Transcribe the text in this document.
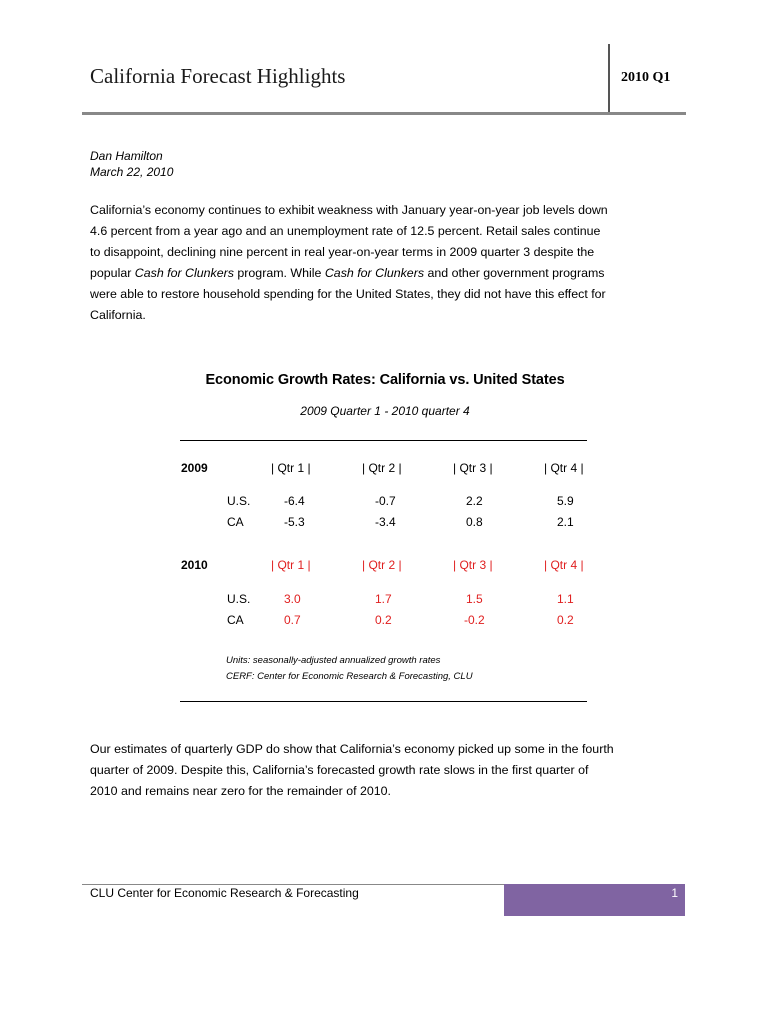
California Forecast Highlights	2010 Q1
Dan Hamilton
March 22, 2010
California’s economy continues to exhibit weakness with January year-on-year job levels down
4.6 percent from a year ago and an unemployment rate of 12.5 percent. Retail sales continue
to disappoint, declining nine percent in real year-on-year terms in 2009 quarter 3 despite the
popular Cash for Clunkers program. While Cash for Clunkers and other government programs
were able to restore household spending for the United States, they did not have this effect for
California.
Economic Growth Rates: California vs. United States
2009 Quarter 1 - 2010 quarter 4
2009	| Qtr 1 |	| Qtr 2 |	| Qtr 3 |	| Qtr 4 |
U.S.	-6.4	-0.7	2.2	5.9
CA	-5.3	-3.4	0.8	2.1
2010	| Qtr 1 |	| Qtr 2 |	| Qtr 3 |	| Qtr 4 |
U.S.	3.0	1.7	1.5	1.1
CA	0.7	0.2	-0.2	0.2
Units: seasonally-adjusted annualized growth rates
CERF: Center for Economic Research & Forecasting, CLU
Our estimates of quarterly GDP do show that California’s economy picked up some in the fourth
quarter of 2009. Despite this, California’s forecasted growth rate slows in the first quarter of
2010 and remains near zero for the remainder of 2010.
CLU Center for Economic Research & Forecasting	1
